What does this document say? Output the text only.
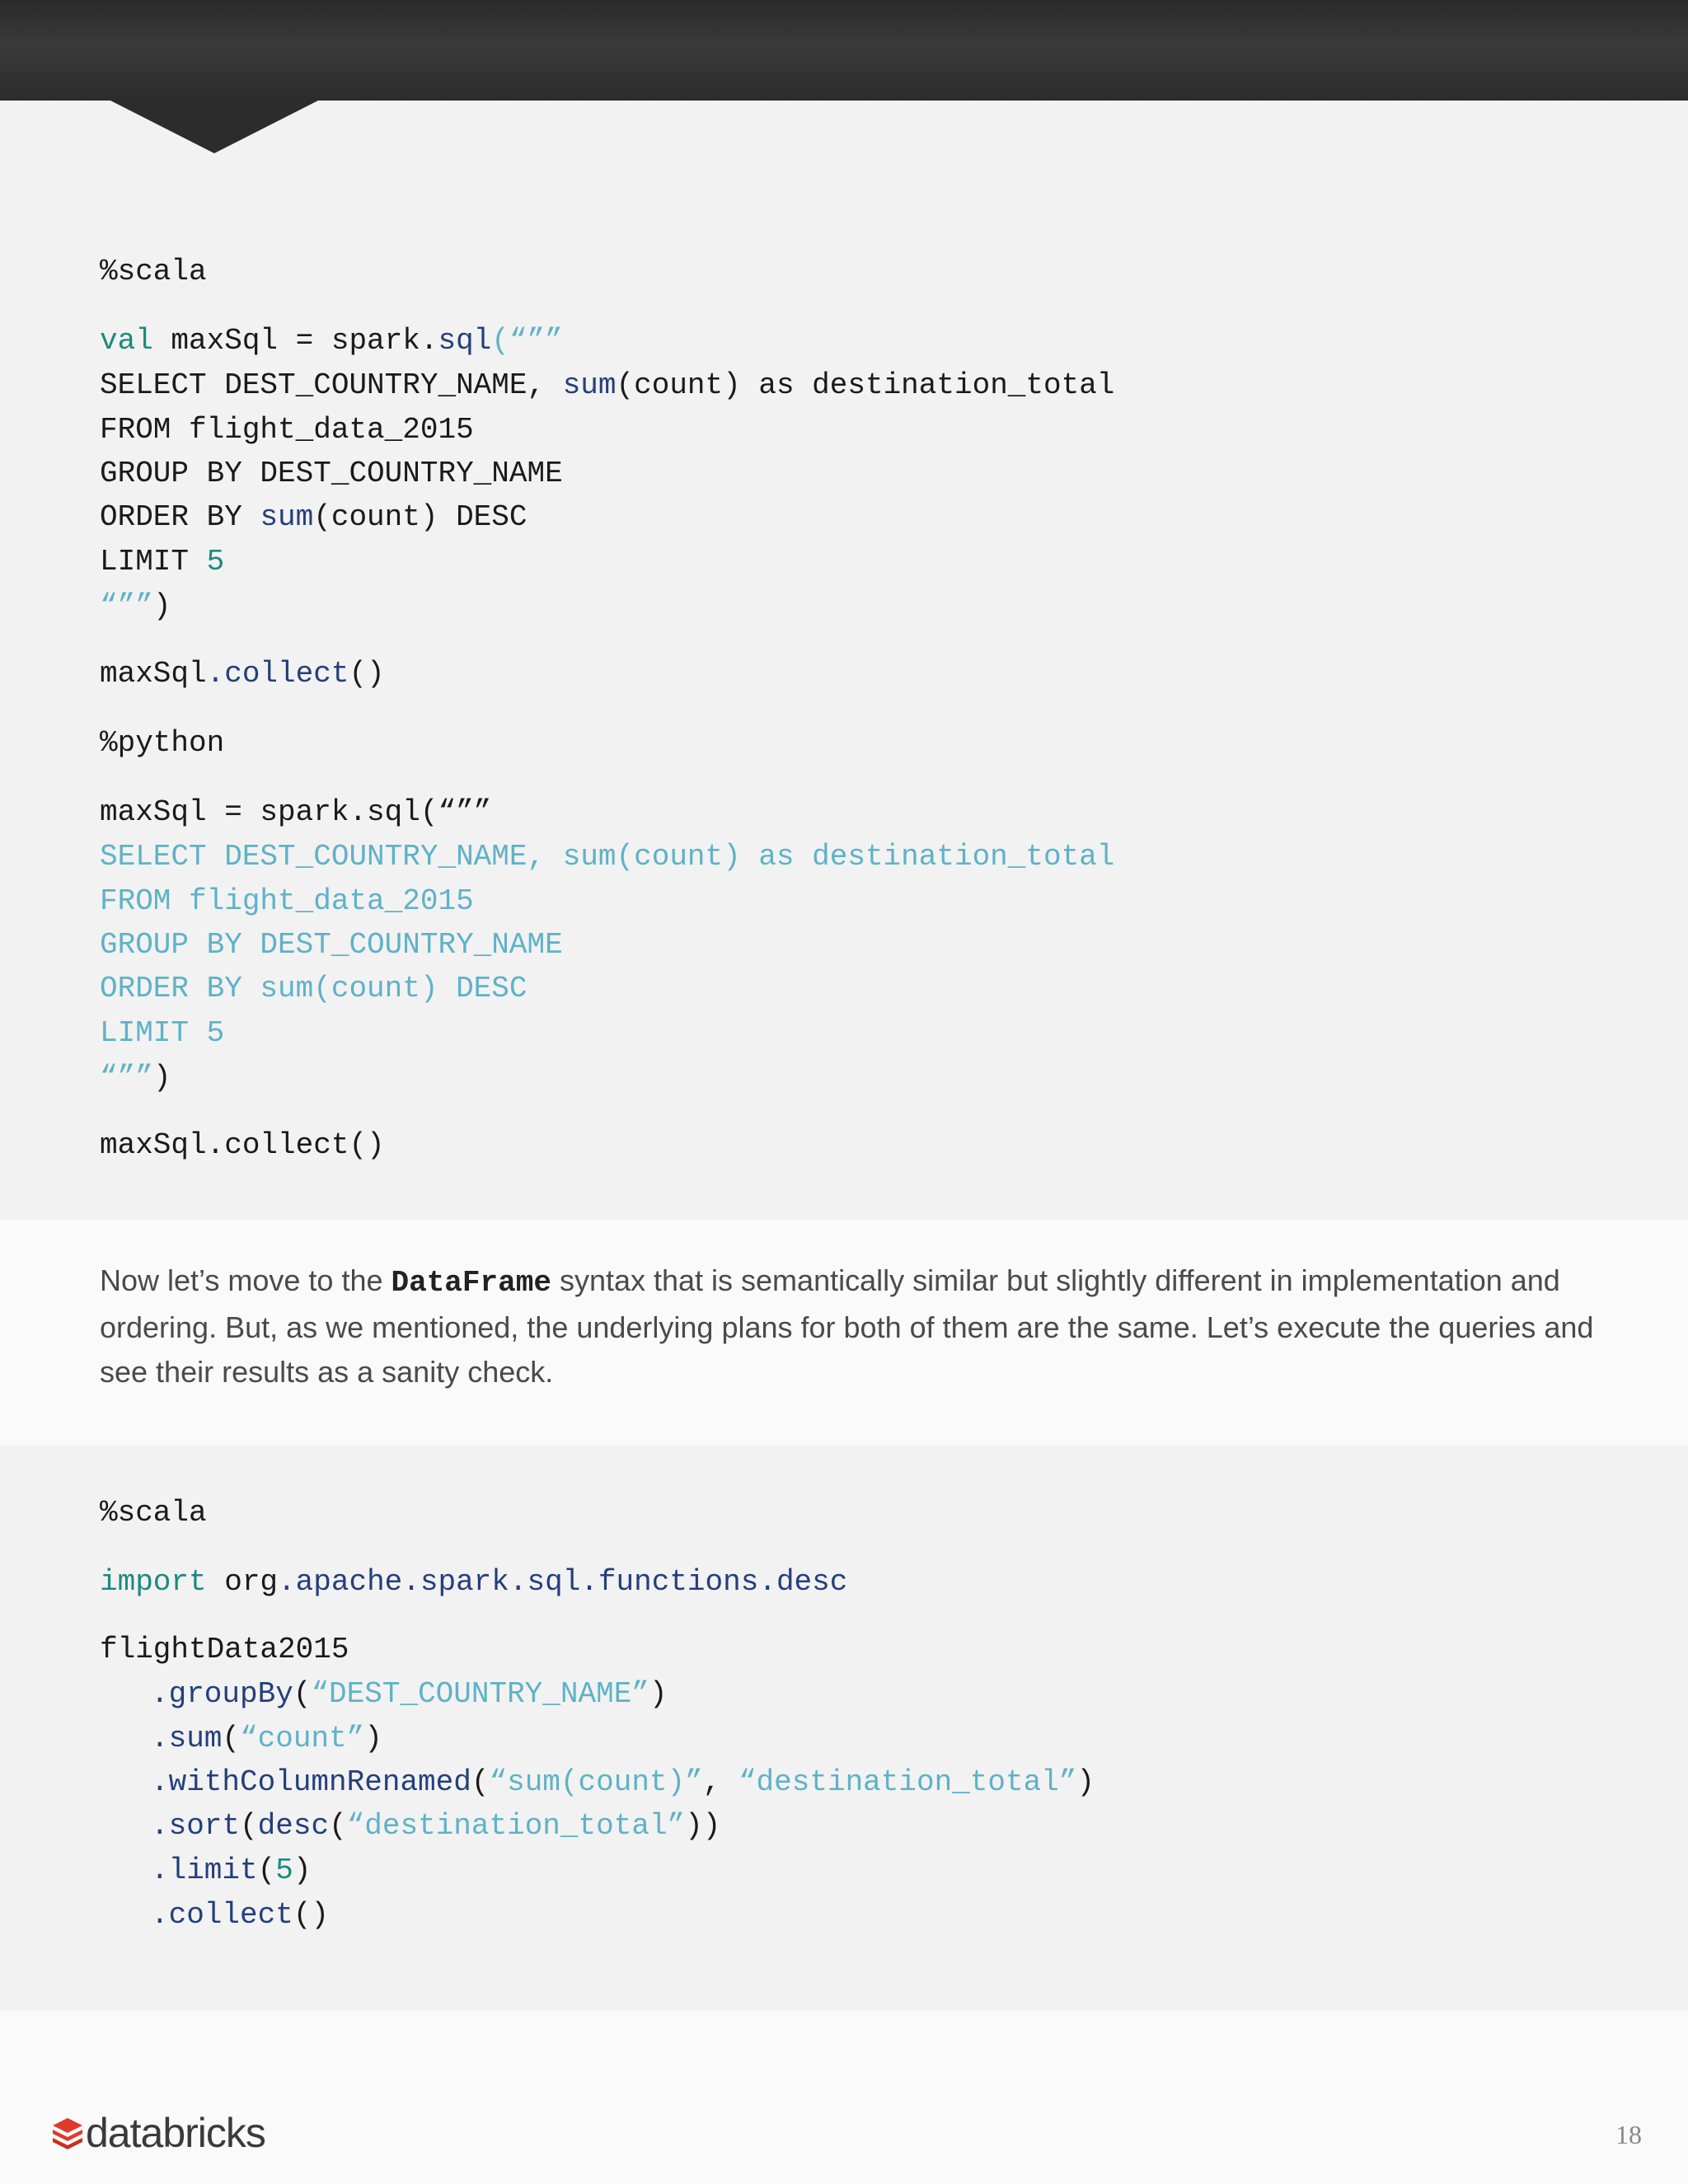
%scala

val maxSql = spark.sql(“””

SELECT DEST_COUNTRY_NAME, sum(count) as destination_total

FROM flight_data_2015

GROUP BY DEST_COUNTRY_NAME

ORDER BY sum(count) DESC

LIMIT 5

“””)

maxSql.collect()

%python

maxSql = spark.sql(“””

SELECT DEST_COUNTRY_NAME, sum(count) as destination_total

FROM flight_data_2015

GROUP BY DEST_COUNTRY_NAME

ORDER BY sum(count) DESC

LIMIT 5

“””)

maxSql.collect()

Now let’s move to the DataFrame syntax that is semantically similar but slightly different in implementation and ordering. But, as we mentioned, the underlying plans for both of them are the same. Let’s execute the queries and see their results as a sanity check.

%scala

import org.apache.spark.sql.functions.desc

flightData2015

.groupBy(“DEST_COUNTRY_NAME”)

.sum(“count”)

.withColumnRenamed(“sum(count)”, “destination_total”)

.sort(desc(“destination_total”))

.limit(5)

.collect()

databricks	18
